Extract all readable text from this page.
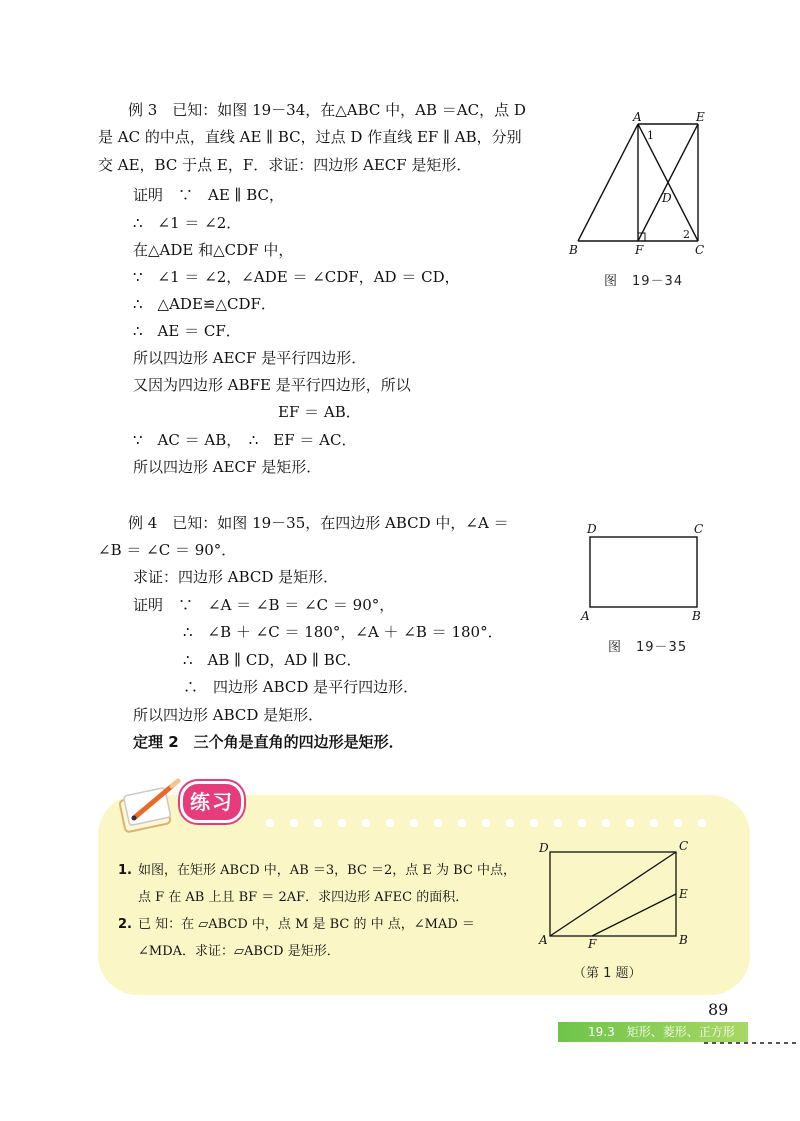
例 3　已知：如图 19－34，在△ABC 中，AB ＝AC，点 D
是 AC 的中点，直线 AE ∥ BC，过点 D 作直线 EF ∥ AB，分别
交 AE，BC 于点 E，F．求证：四边形 AECF 是矩形．
证明　∵　AE ∥ BC，
∴　∠1 ＝ ∠2．
在△ADE 和△CDF 中，
∵　∠1 ＝ ∠2，∠ADE ＝ ∠CDF，AD ＝ CD，
∴　△ADE≌△CDF．
∴　AE ＝ CF．
所以四边形 AECF 是平行四边形．
又因为四边形 ABFE 是平行四边形，所以
EF ＝ AB．
∵　AC ＝ AB，　∴　EF ＝ AC．
所以四边形 AECF 是矩形．
A	E
B	F	C
D
1
2
图　19－34
例 4　已知：如图 19－35，在四边形 ABCD 中，∠A ＝
∠B ＝ ∠C ＝ 90°．
求证：四边形 ABCD 是矩形．
证明　∵　∠A ＝ ∠B ＝ ∠C ＝ 90°，
∴　∠B ＋ ∠C ＝ 180°，∠A ＋ ∠B ＝ 180°．
∴　AB ∥ CD，AD ∥ BC．
∴　四边形 ABCD 是平行四边形．
所以四边形 ABCD 是矩形．
定理 2　三个角是直角的四边形是矩形．
D	C
A	B
图　19－35
练习
1. 如图，在矩形 ABCD 中，AB ＝3，BC ＝2，点 E 为 BC 中点，
点 F 在 AB 上且 BF ＝ 2AF．求四边形 AFEC 的面积．
2. 已 知：在 ▱ABCD 中，点 M 是 BC 的 中 点，∠MAD ＝
∠MDA．求证：▱ABCD 是矩形．
D	C
E
A	F	B
（第 1 题）
89
19.3　矩形、菱形、正方形
